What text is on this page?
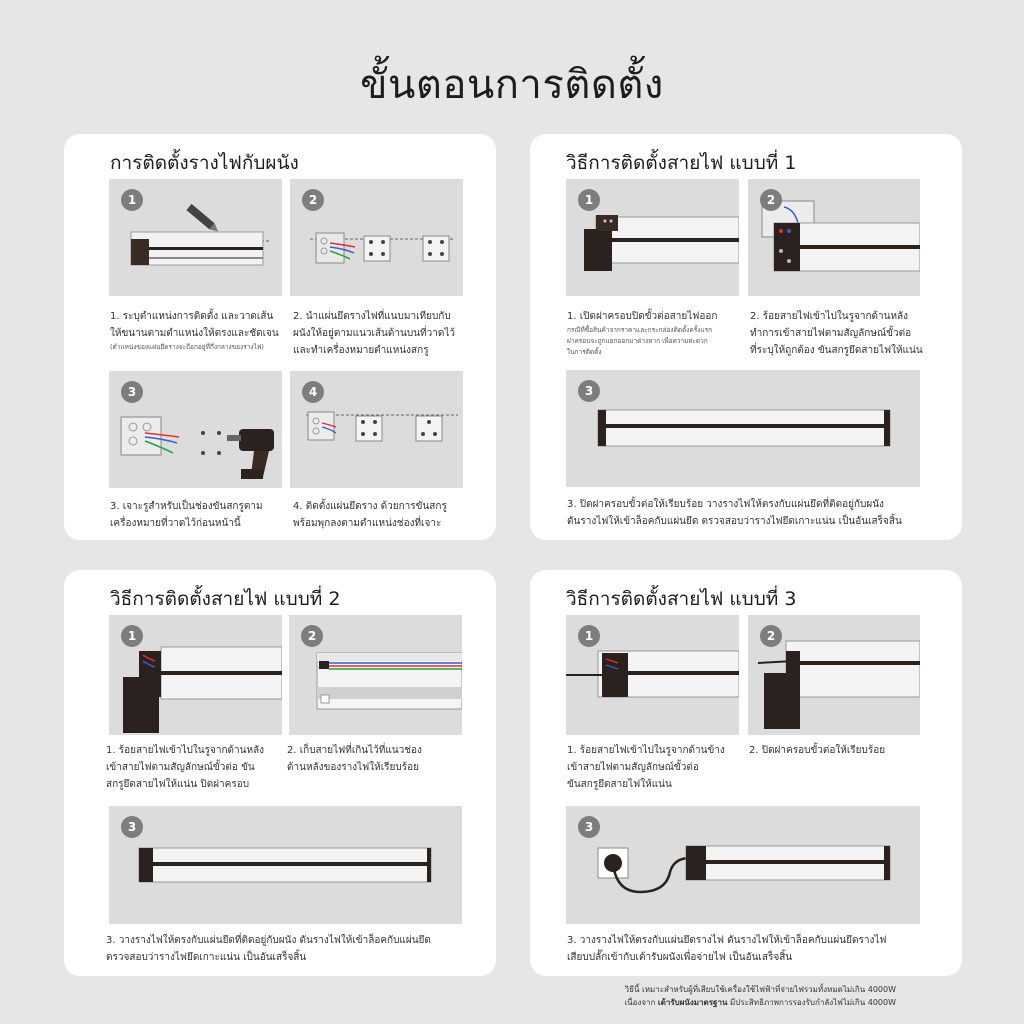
ขั้นตอนการติดตั้ง
การติดตั้งรางไฟกับผนัง
1
1. ระบุตำแหน่งการติดตั้ง และวาดเส้น
ให้ขนานตามตำแหน่งให้ตรงและชัดเจน
(ตำแหน่งของแผ่นยึดรางจะถือกอยู่ที่กึ่งกลางของรางไฟ)
2
2. นำแผ่นยึดรางไฟที่แนบมาเทียบกับ
ผนังให้อยู่ตามแนวเส้นด้านบนที่วาดไว้
และทำเครื่องหมายตำแหน่งสกรู
3
3. เจาะรูสำหรับเป็นช่องขันสกรูตาม
เครื่องหมายที่วาดไว้ก่อนหน้านี้
4
4. ติดตั้งแผ่นยึดราง ด้วยการขันสกรู
พร้อมพุกลงตามตำแหน่งช่องที่เจาะ
วิธีการติดตั้งสายไฟ แบบที่ 1
1
1. เปิดฝาครอบปิดขั้วต่อสายไฟออก
กรณีที่ซื้อสินค้าจากราคาและกระกล่องติดตั้งครั้งแรก
ฝาครอบจะถูกแยกออกมาต่างหาก เพื่อความสะดวก
ในการติดตั้ง
2
2. ร้อยสายไฟเข้าไปในรูจากด้านหลัง
ทำการเข้าสายไฟตามสัญลักษณ์ขั้วต่อ
ที่ระบุให้ถูกต้อง ขันสกรูยึดสายไฟให้แน่น
3
3. ปิดฝาครอบขั้วต่อให้เรียบร้อย วางรางไฟให้ตรงกับแผ่นยึดที่ติดอยู่กับผนัง
ดันรางไฟให้เข้าล็อคกับแผ่นยึด ตรวจสอบว่ารางไฟยึดเกาะแน่น เป็นอันเสร็จสิ้น
วิธีการติดตั้งสายไฟ แบบที่ 2
1
1. ร้อยสายไฟเข้าไปในรูจากด้านหลัง
เข้าสายไฟตามสัญลักษณ์ขั้วต่อ ขัน
สกรูยึดสายไฟให้แน่น ปิดฝาครอบ
2
2. เก็บสายไฟที่เกินไว้ที่แนวช่อง
ด้านหลังของรางไฟให้เรียบร้อย
3
3. วางรางไฟให้ตรงกับแผ่นยึดที่ติดอยู่กับผนัง ดันรางไฟให้เข้าล็อคกับแผ่นยึด
ตรวจสอบว่ารางไฟยึดเกาะแน่น เป็นอันเสร็จสิ้น
วิธีการติดตั้งสายไฟ แบบที่ 3
1
1. ร้อยสายไฟเข้าไปในรูจากด้านข้าง
เข้าสายไฟตามสัญลักษณ์ขั้วต่อ
ขันสกรูยึดสายไฟให้แน่น
2
2. ปิดฝาครอบขั้วต่อให้เรียบร้อย
3
3. วางรางไฟให้ตรงกับแผ่นยึดรางไฟ ดันรางไฟให้เข้าล็อคกับแผ่นยึดรางไฟ
เสียบปลั๊กเข้ากับเต้ารับผนังเพื่อจ่ายไฟ เป็นอันเสร็จสิ้น
วิธีนี้ เหมาะสำหรับผู้ที่เสียบใช้เครื่องใช้ไฟฟ้าที่จ่ายไฟรวมทั้งหมดไม่เกิน 4000W
เนื่องจาก เต้ารับผนังมาตรฐาน มีประสิทธิภาพการรองรับกำลังไฟไม่เกิน 4000W
